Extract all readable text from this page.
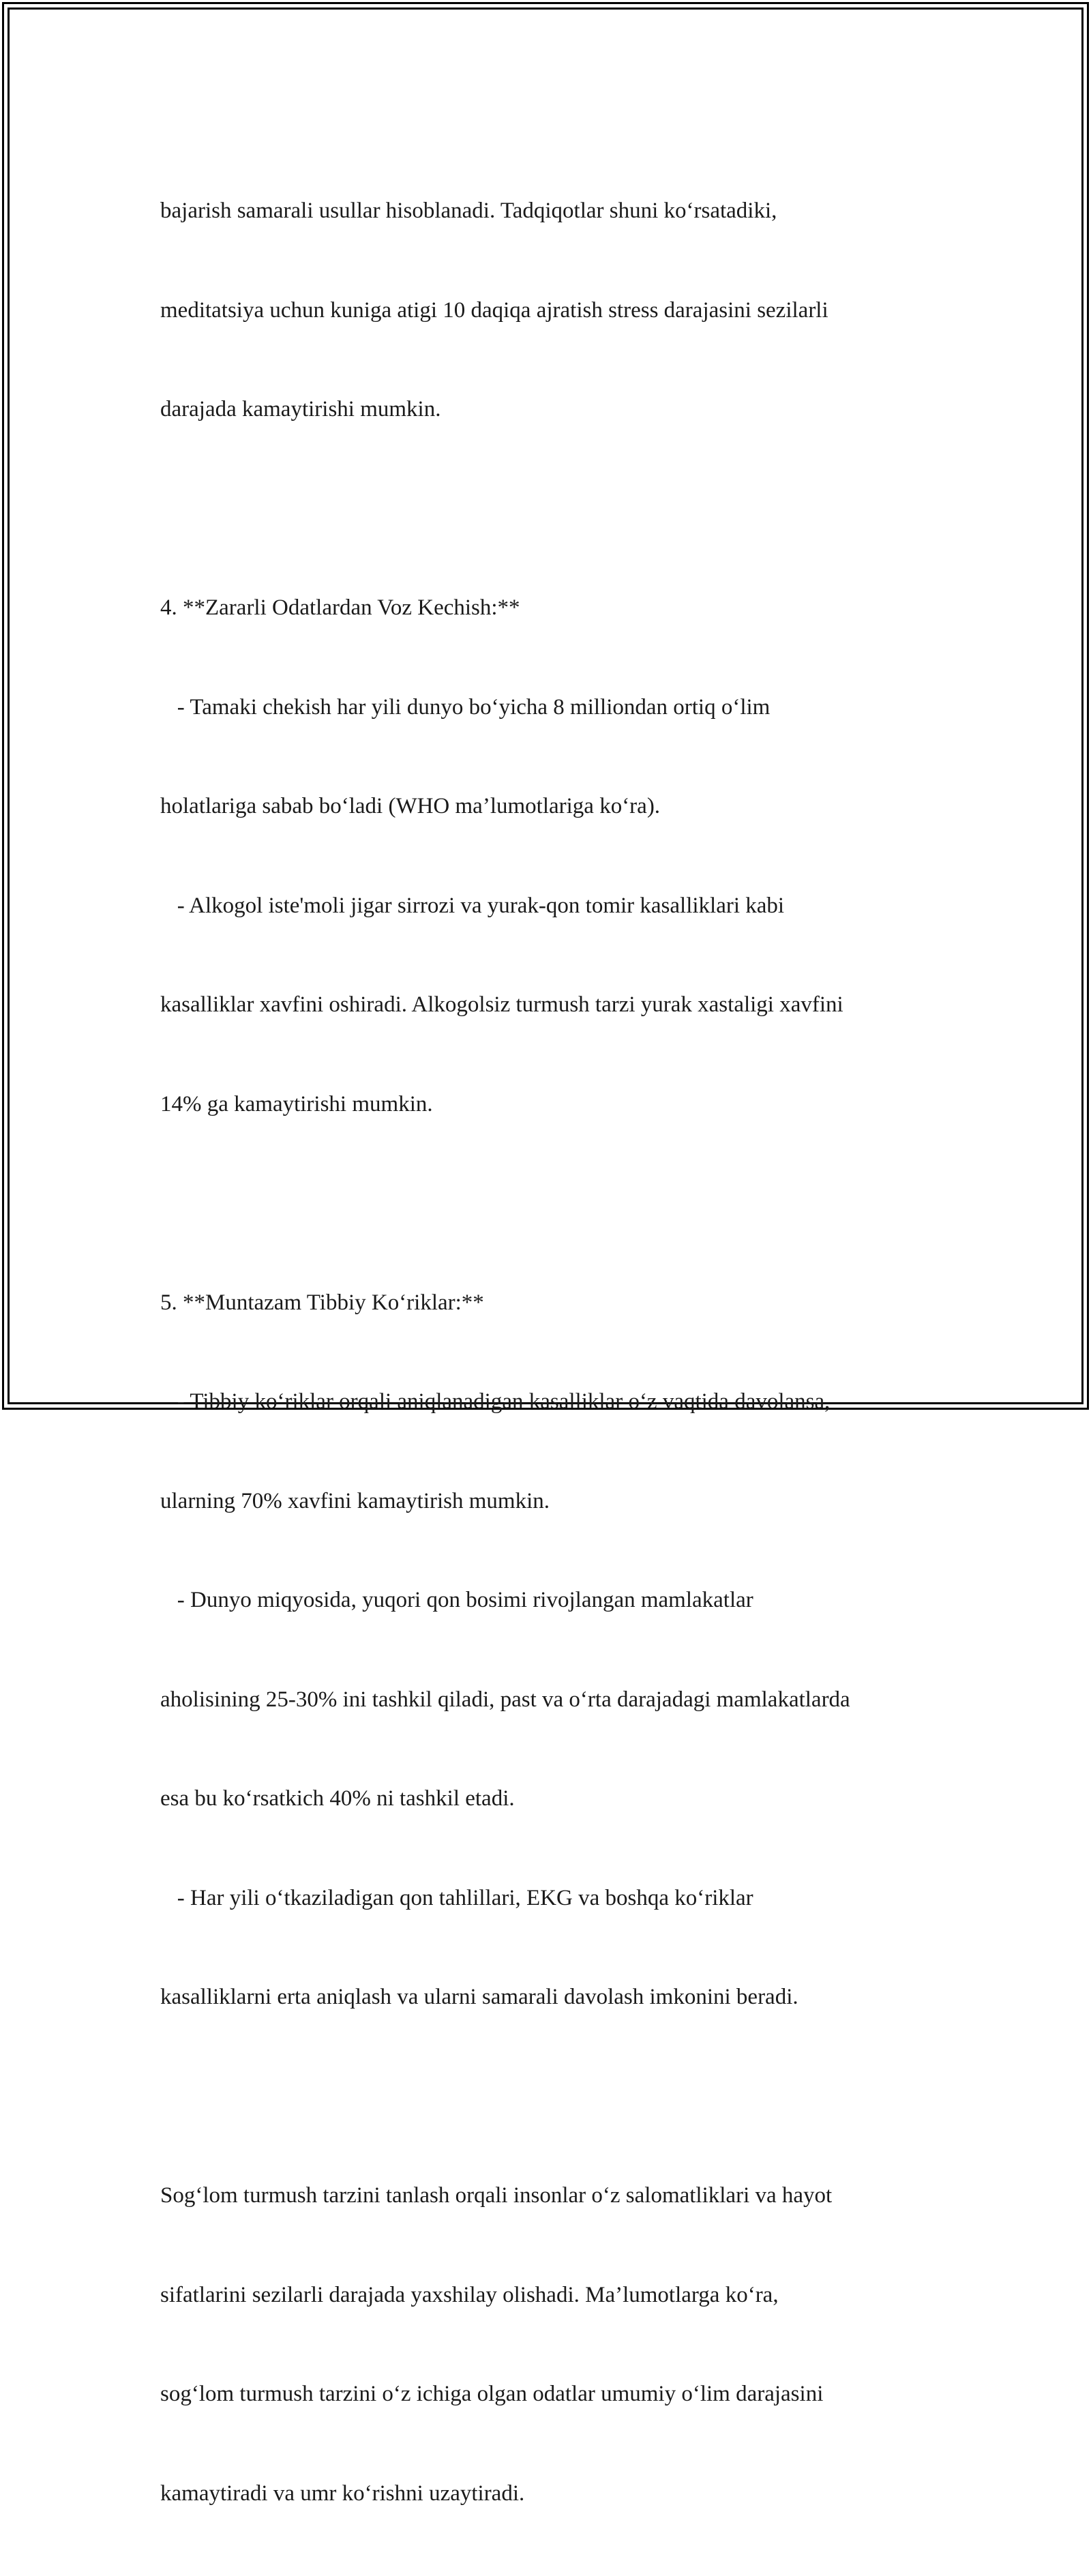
bajarish samarali usullar hisoblanadi. Tadqiqotlar shuni ko‘rsatadiki,

meditatsiya uchun kuniga atigi 10 daqiqa ajratish stress darajasini sezilarli

darajada kamaytirishi mumkin.

4. **Zararli Odatlardan Voz Kechish:**

- Tamaki chekish har yili dunyo bo‘yicha 8 milliondan ortiq o‘lim

holatlariga sabab bo‘ladi (WHO ma’lumotlariga ko‘ra).

- Alkogol iste'moli jigar sirrozi va yurak-qon tomir kasalliklari kabi

kasalliklar xavfini oshiradi. Alkogolsiz turmush tarzi yurak xastaligi xavfini

14% ga kamaytirishi mumkin.

5. **Muntazam Tibbiy Ko‘riklar:**

- Tibbiy ko‘riklar orqali aniqlanadigan kasalliklar o‘z vaqtida davolansa,

ularning 70% xavfini kamaytirish mumkin.

- Dunyo miqyosida, yuqori qon bosimi rivojlangan mamlakatlar

aholisining 25-30% ini tashkil qiladi, past va o‘rta darajadagi mamlakatlarda

esa bu ko‘rsatkich 40% ni tashkil etadi.

- Har yili o‘tkaziladigan qon tahlillari, EKG va boshqa ko‘riklar

kasalliklarni erta aniqlash va ularni samarali davolash imkonini beradi.

Sog‘lom turmush tarzini tanlash orqali insonlar o‘z salomatliklari va hayot

sifatlarini sezilarli darajada yaxshilay olishadi. Ma’lumotlarga ko‘ra,

sog‘lom turmush tarzini o‘z ichiga olgan odatlar umumiy o‘lim darajasini

kamaytiradi va umr ko‘rishni uzaytiradi.
